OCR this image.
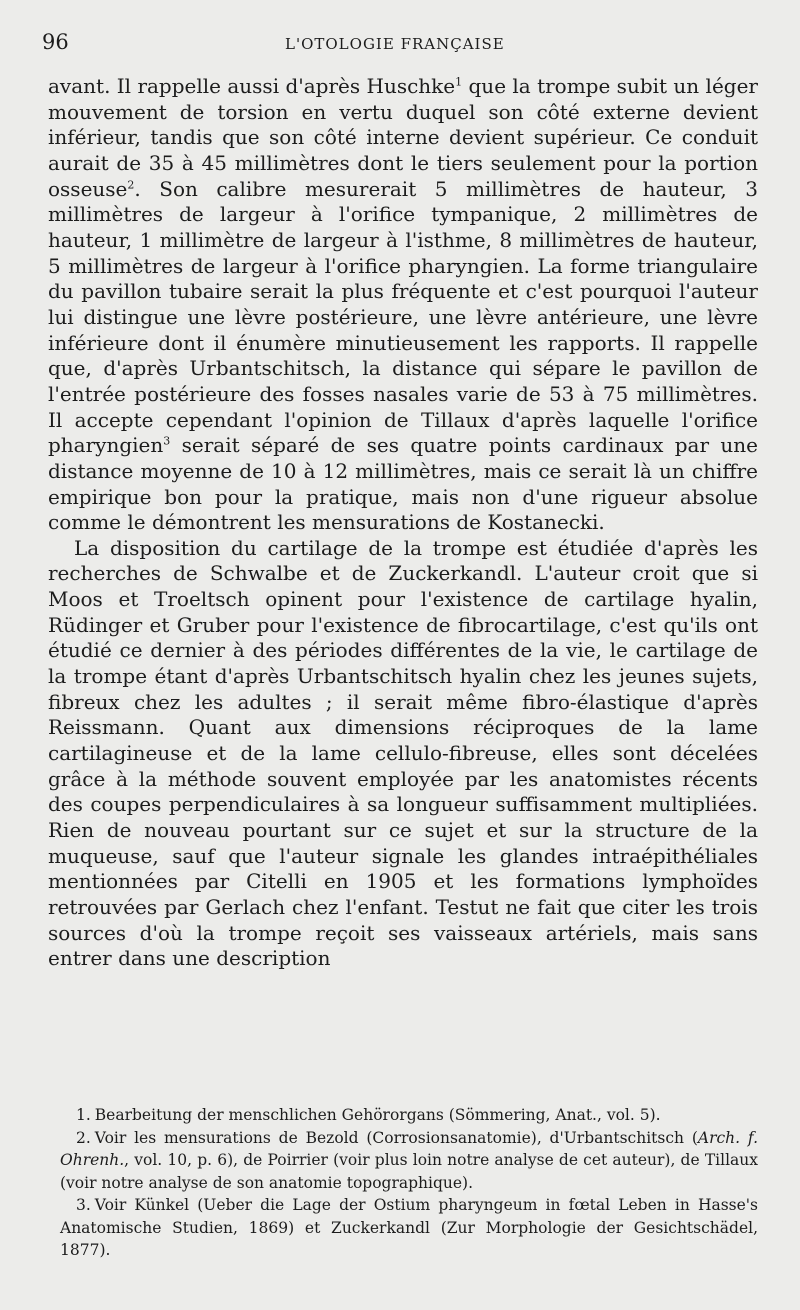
96	L'OTOLOGIE FRANÇAISE

avant. Il rappelle aussi d'après Huschke$^1$ que la trompe subit un léger mouvement de torsion en vertu duquel son côté externe devient inférieur, tandis que son côté interne devient supérieur. Ce conduit aurait de 35 à 45 millimètres dont le tiers seulement pour la portion osseuse$^2$. Son calibre mesurerait 5 millimètres de hauteur, 3 millimètres de largeur à l'orifice tympanique, 2 millimètres de hauteur, 1 millimètre de largeur à l'isthme, 8 millimètres de hauteur, 5 millimètres de largeur à l'orifice pharyngien. La forme triangulaire du pavillon tubaire serait la plus fréquente et c'est pourquoi l'auteur lui distingue une lèvre postérieure, une lèvre antérieure, une lèvre inférieure dont il énumère minutieusement les rapports. Il rappelle que, d'après Urbantschitsch, la distance qui sépare le pavillon de l'entrée postérieure des fosses nasales varie de 53 à 75 millimètres. Il accepte cependant l'opinion de Tillaux d'après laquelle l'orifice pharyngien$^3$ serait séparé de ses quatre points cardinaux par une distance moyenne de 10 à 12 millimètres, mais ce serait là un chiffre empirique bon pour la pratique, mais non d'une rigueur absolue comme le démontrent les mensurations de Kostanecki.

La disposition du cartilage de la trompe est étudiée d'après les recherches de Schwalbe et de Zuckerkandl. L'auteur croit que si Moos et Troeltsch opinent pour l'existence de cartilage hyalin, Rüdinger et Gruber pour l'existence de fibrocartilage, c'est qu'ils ont étudié ce dernier à des périodes différentes de la vie, le cartilage de la trompe étant d'après Urbantschitsch hyalin chez les jeunes sujets, fibreux chez les adultes ; il serait même fibro-élastique d'après Reissmann. Quant aux dimensions réciproques de la lame cartilagineuse et de la lame cellulo-fibreuse, elles sont décelées grâce à la méthode souvent employée par les anatomistes récents des coupes perpendiculaires à sa longueur suffisamment multipliées. Rien de nouveau pourtant sur ce sujet et sur la structure de la muqueuse, sauf que l'auteur signale les glandes intraépithéliales mentionnées par Citelli en 1905 et les formations lymphoïdes retrouvées par Gerlach chez l'enfant. Testut ne fait que citer les trois sources d'où la trompe reçoit ses vaisseaux artériels, mais sans entrer dans une description

1. Bearbeitung der menschlichen Gehörorgans (Sömmering, Anat., vol. 5).

2. Voir les mensurations de Bezold (Corrosionsanatomie), d'Urbantschitsch (Arch. f. Ohrenh., vol. 10, p. 6), de Poirrier (voir plus loin notre analyse de cet auteur), de Tillaux (voir notre analyse de son anatomie topographique).

3. Voir Künkel (Ueber die Lage der Ostium pharyngeum in fœtal Leben in Hasse's Anatomische Studien, 1869) et Zuckerkandl (Zur Morphologie der Gesichtschädel, 1877).
